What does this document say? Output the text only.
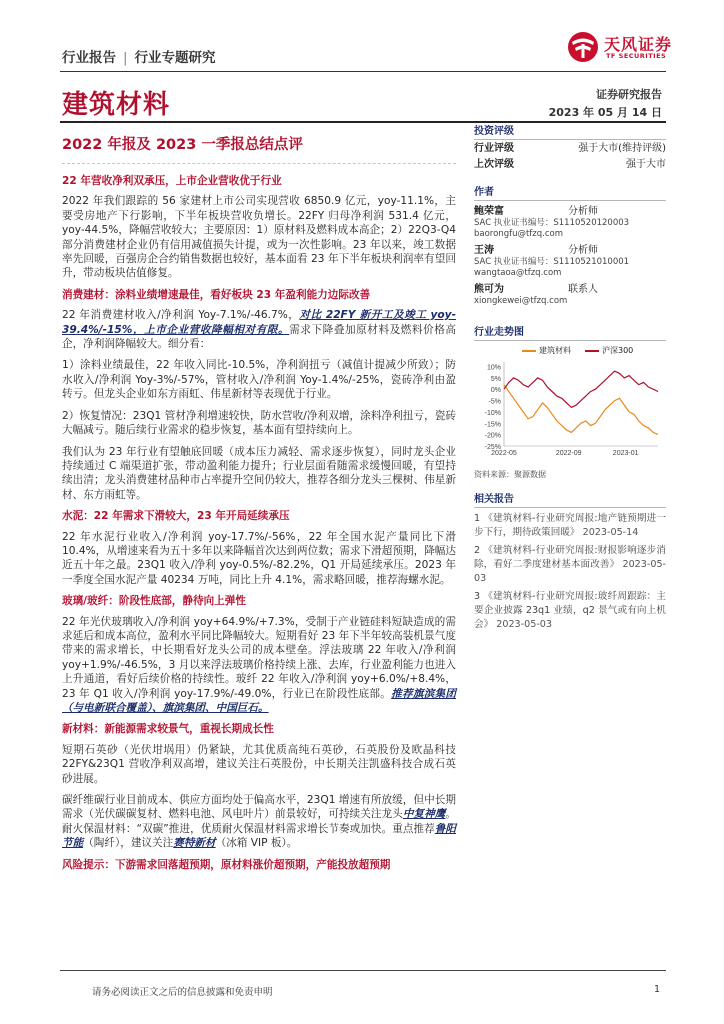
行业报告 | 行业专题研究
天风证券
TF SECURITIES
建筑材料	证券研究报告
2023 年 05 月 14 日
2022 年报及 2023 一季报总结点评

22 年营收净利双承压，上市企业营收优于行业

2022 年我们跟踪的 56 家建材上市公司实现营收 6850.9 亿元，yoy-11.1%，主要受房地产下行影响，下半年板块营收负增长。22FY 归母净利润 531.4 亿元，yoy-44.5%，降幅营收较大；主要原因：1）原材料及燃料成本高企；2）22Q3-Q4 部分消费建材企业仍有信用减值损失计提，或为一次性影响。23 年以来，竣工数据率先回暖，百强房企合约销售数据也较好，基本面看 23 年下半年板块利润率有望回升，带动板块估值修复。

消费建材：涂料业绩增速最佳，看好板块 23 年盈利能力边际改善

22 年消费建材收入/净利润 Yoy-7.1%/-46.7%，对比 22FY 新开工及竣工 yoy-39.4%/-15%，上市企业营收降幅相对有限。需求下降叠加原材料及燃料价格高企，净利润降幅较大。细分看：

1）涂料业绩最佳，22 年收入同比-10.5%，净利润扭亏（减值计提减少所致）；防水收入/净利润 Yoy-3%/-57%，管材收入/净利润 Yoy-1.4%/-25%，瓷砖净利由盈转亏。但龙头企业如东方雨虹、伟星新材等表现优于行业。

2）恢复情况：23Q1 管材净利增速较快，防水营收/净利双增，涂料净利扭亏，瓷砖大幅减亏。随后续行业需求的稳步恢复，基本面有望持续向上。

我们认为 23 年行业有望触底回暖（成本压力减轻、需求逐步恢复），同时龙头企业持续通过 C 端渠道扩张，带动盈利能力提升；行业层面看随需求缓慢回暖，有望持续出清；龙头消费建材品种市占率提升空间仍较大，推荐各细分龙头三棵树、伟星新材、东方雨虹等。

水泥：22 年需求下滑较大，23 年开局延续承压

22 年水泥行业收入/净利润 yoy-17.7%/-56%，22 年全国水泥产量同比下滑 10.4%，从增速来看为五十多年以来降幅首次达到两位数；需求下滑超预期，降幅达近五十年之最。23Q1 收入/净利 yoy-0.5%/-82.2%，Q1 开局延续承压。2023 年一季度全国水泥产量 40234 万吨，同比上升 4.1%，需求略回暖，推荐海螺水泥。

玻璃/玻纤：阶段性底部，静待向上弹性

22 年光伏玻璃收入/净利润 yoy+64.9%/+7.3%，受制于产业链硅料短缺造成的需求延后和成本高位，盈利水平同比降幅较大。短期看好 23 年下半年较高装机景气度带来的需求增长，中长期看好龙头公司的成本壁垒。浮法玻璃 22 年收入/净利润 yoy+1.9%/-46.5%，3 月以来浮法玻璃价格持续上涨、去库，行业盈利能力也进入上升通道，看好后续价格的持续性。玻纤 22 年收入/净利润 yoy+6.0%/+8.4%，23 年 Q1 收入/净利润 yoy-17.9%/-49.0%，行业已在阶段性底部。推荐旗滨集团（与电新联合覆盖）、旗滨集团、中国巨石。

新材料：新能源需求较景气，重视长期成长性

短期石英砂（光伏坩埚用）仍紧缺，尤其优质高纯石英砂，石英股份及欧晶科技 22FY&23Q1 营收净利双高增，建议关注石英股份，中长期关注凯盛科技合成石英砂进展。

碳纤维碳行业目前成本、供应方面均处于偏高水平，23Q1 增速有所放缓，但中长期需求（光伏碳碳复材、燃料电池、风电叶片）前景较好，可持续关注龙头中复神鹰。耐火保温材料：“双碳”推进，优质耐火保温材料需求增长节奏或加快。重点推荐鲁阳节能（陶纤），建议关注赛特新材（冰箱 VIP 板）。

风险提示：下游需求回落超预期，原材料涨价超预期，产能投放超预期

投资评级
行业评级	强于大市(维持评级)
上次评级	强于大市
作者
鲍荣富	分析师
SAC 执业证书编号：S1110520120003
baorongfu@tfzq.com
王涛	分析师
SAC 执业证书编号：S1110521010001
wangtaoa@tfzq.com
熊可为	联系人
xiongkewei@tfzq.com
行业走势图
建筑材料	沪深300
10%
5%
0%
-5%
-10%
-15%
-20%
-25%
2022-05	2022-09	2023-01
资料来源：聚源数据
相关报告
1 《建筑材料-行业研究周报:地产链预期进一步下行，期待政策回暖》 2023-05-14
2 《建筑材料-行业研究周报:财报影响逐步消除，看好二季度建材基本面改善》 2023-05-03
3 《建筑材料-行业研究周报:玻纤周跟踪：主要企业披露 23q1 业绩，q2 景气或有向上机会》 2023-05-03
请务必阅读正文之后的信息披露和免责申明	1
